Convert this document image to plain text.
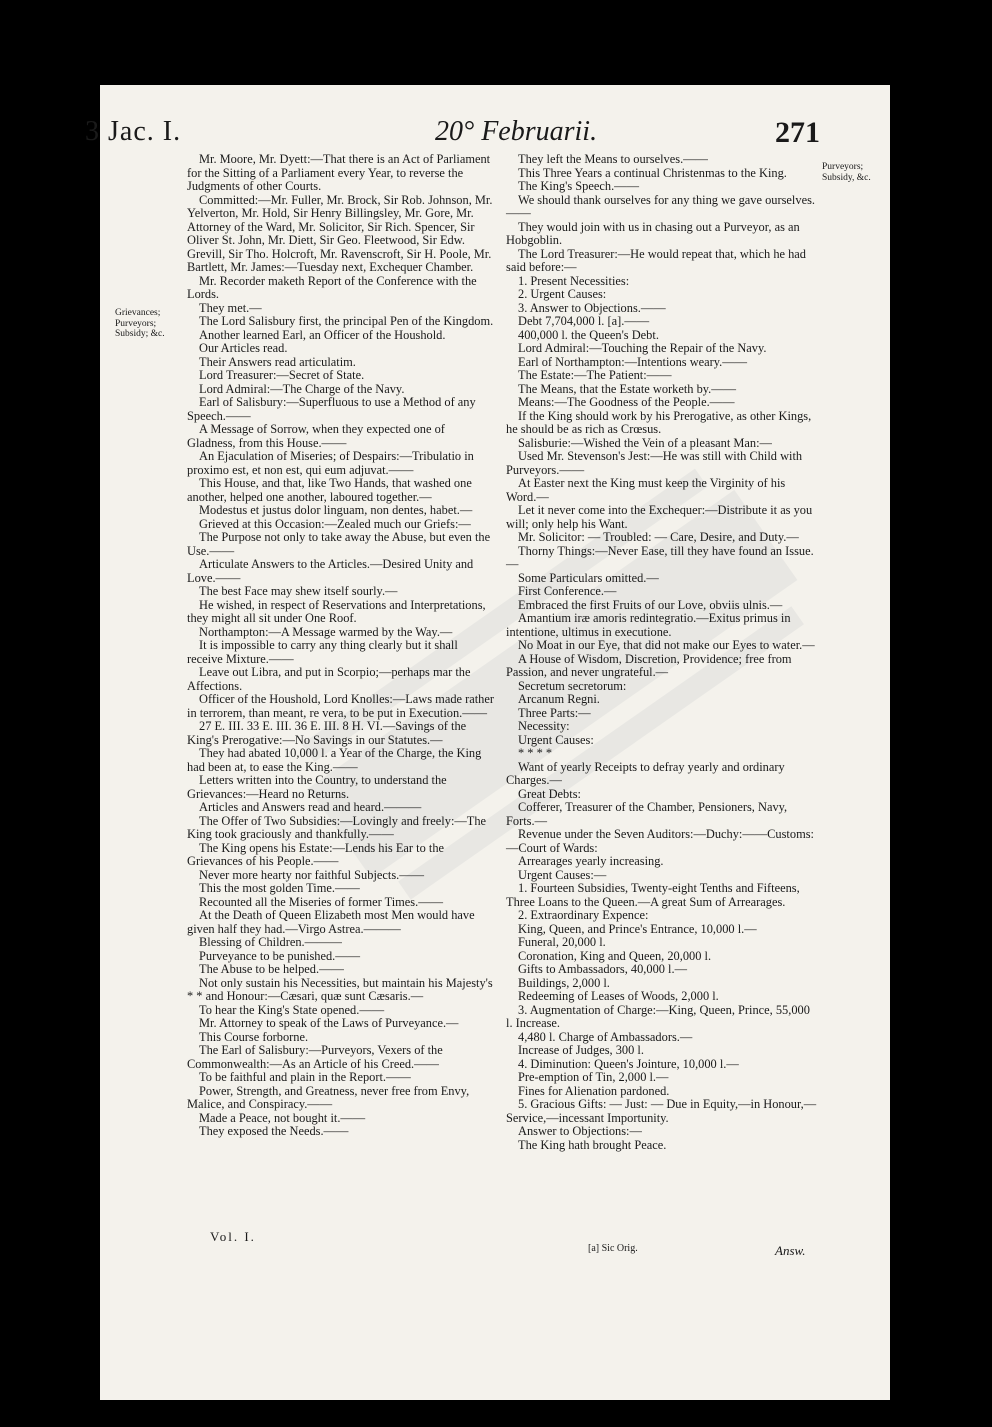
3 Jac. I.	20° Februarii.	271
Grievances; Purveyors; Subsidy; &c.
Purveyors; Subsidy, &c.

Mr. Moore, Mr. Dyett:—That there is an Act of Parliament for the Sitting of a Parliament every Year, to reverse the Judgments of other Courts.

Committed:—Mr. Fuller, Mr. Brock, Sir Rob. Johnson, Mr. Yelverton, Mr. Hold, Sir Henry Billingsley, Mr. Gore, Mr. Attorney of the Ward, Mr. Solicitor, Sir Rich. Spencer, Sir Oliver St. John, Mr. Diett, Sir Geo. Fleetwood, Sir Edw. Grevill, Sir Tho. Holcroft, Mr. Ravenscroft, Sir H. Poole, Mr. Bartlett, Mr. James:—Tuesday next, Exchequer Chamber.

Mr. Recorder maketh Report of the Conference with the Lords.

They met.—

The Lord Salisbury first, the principal Pen of the Kingdom.

Another learned Earl, an Officer of the Houshold.

Our Articles read.

Their Answers read articulatim.

Lord Treasurer:—Secret of State.

Lord Admiral:—The Charge of the Navy.

Earl of Salisbury:—Superfluous to use a Method of any Speech.——

A Message of Sorrow, when they expected one of Gladness, from this House.——

An Ejaculation of Miseries; of Despairs:—Tribulatio in proximo est, et non est, qui eum adjuvat.——

This House, and that, like Two Hands, that washed one another, helped one another, laboured together.—

Modestus et justus dolor linguam, non dentes, habet.—

Grieved at this Occasion:—Zealed much our Griefs:—

The Purpose not only to take away the Abuse, but even the Use.——

Articulate Answers to the Articles.—Desired Unity and Love.——

The best Face may shew itself sourly.—

He wished, in respect of Reservations and Interpretations, they might all sit under One Roof.

Northampton:—A Message warmed by the Way.—

It is impossible to carry any thing clearly but it shall receive Mixture.——

Leave out Libra, and put in Scorpio;—perhaps mar the Affections.

Officer of the Houshold, Lord Knolles:—Laws made rather in terrorem, than meant, re vera, to be put in Execution.——

27 E. III. 33 E. III. 36 E. III. 8 H. VI.—Savings of the King's Prerogative:—No Savings in our Statutes.—

They had abated 10,000 l. a Year of the Charge, the King had been at, to ease the King.——

Letters written into the Country, to understand the Grievances:—Heard no Returns.

Articles and Answers read and heard.———

The Offer of Two Subsidies:—Lovingly and freely:—The King took graciously and thankfully.——

The King opens his Estate:—Lends his Ear to the Grievances of his People.——

Never more hearty nor faithful Subjects.——

This the most golden Time.——

Recounted all the Miseries of former Times.——

At the Death of Queen Elizabeth most Men would have given half they had.—Virgo Astrea.———

Blessing of Children.———

Purveyance to be punished.——

The Abuse to be helped.——

Not only sustain his Necessities, but maintain his Majesty's * * and Honour:—Cæsari, quæ sunt Cæsaris.—

To hear the King's State opened.——

Mr. Attorney to speak of the Laws of Purveyance.—

This Course forborne.

The Earl of Salisbury:—Purveyors, Vexers of the Commonwealth:—As an Article of his Creed.——

To be faithful and plain in the Report.——

Power, Strength, and Greatness, never free from Envy, Malice, and Conspiracy.——

Made a Peace, not bought it.——

They exposed the Needs.——

They left the Means to ourselves.——

This Three Years a continual Christenmas to the King.

The King's Speech.——

We should thank ourselves for any thing we gave ourselves.——

They would join with us in chasing out a Purveyor, as an Hobgoblin.

The Lord Treasurer:—He would repeat that, which he had said before:—

1. Present Necessities:

2. Urgent Causes:

3. Answer to Objections.——

Debt 7,704,000 l. [a].——

400,000 l. the Queen's Debt.

Lord Admiral:—Touching the Repair of the Navy.

Earl of Northampton:—Intentions weary.——

The Estate:—The Patient:——

The Means, that the Estate worketh by.——

Means:—The Goodness of the People.——

If the King should work by his Prerogative, as other Kings, he should be as rich as Crœsus.

Salisburie:—Wished the Vein of a pleasant Man:—

Used Mr. Stevenson's Jest:—He was still with Child with Purveyors.——

At Easter next the King must keep the Virginity of his Word.—

Let it never come into the Exchequer:—Distribute it as you will; only help his Want.

Mr. Solicitor: — Troubled: — Care, Desire, and Duty.—

Thorny Things:—Never Ease, till they have found an Issue.—

Some Particulars omitted.—

First Conference.—

Embraced the first Fruits of our Love, obviis ulnis.—

Amantium iræ amoris redintegratio.—Exitus primus in intentione, ultimus in executione.

No Moat in our Eye, that did not make our Eyes to water.—

A House of Wisdom, Discretion, Providence; free from Passion, and never ungrateful.—

Secretum secretorum:

Arcanum Regni.

Three Parts:—

Necessity:

Urgent Causes:

* * * *

Want of yearly Receipts to defray yearly and ordinary Charges.—

Great Debts:

Cofferer, Treasurer of the Chamber, Pensioners, Navy, Forts.—

Revenue under the Seven Auditors:—Duchy:——Customs:—Court of Wards:

Arrearages yearly increasing.

Urgent Causes:—

1. Fourteen Subsidies, Twenty-eight Tenths and Fifteens, Three Loans to the Queen.—A great Sum of Arrearages.

2. Extraordinary Expence:

King, Queen, and Prince's Entrance, 10,000 l.—

Funeral, 20,000 l.

Coronation, King and Queen, 20,000 l.

Gifts to Ambassadors, 40,000 l.—

Buildings, 2,000 l.

Redeeming of Leases of Woods, 2,000 l.

3. Augmentation of Charge:—King, Queen, Prince, 55,000 l. Increase.

4,480 l. Charge of Ambassadors.—

Increase of Judges, 300 l.

4. Diminution: Queen's Jointure, 10,000 l.—

Pre-emption of Tin, 2,000 l.—

Fines for Alienation pardoned.

5. Gracious Gifts: — Just: — Due in Equity,—in Honour,—Service,—incessant Importunity.

Answer to Objections:—

The King hath brought Peace.

Vol. I.
[a] Sic Orig.	Answ.
